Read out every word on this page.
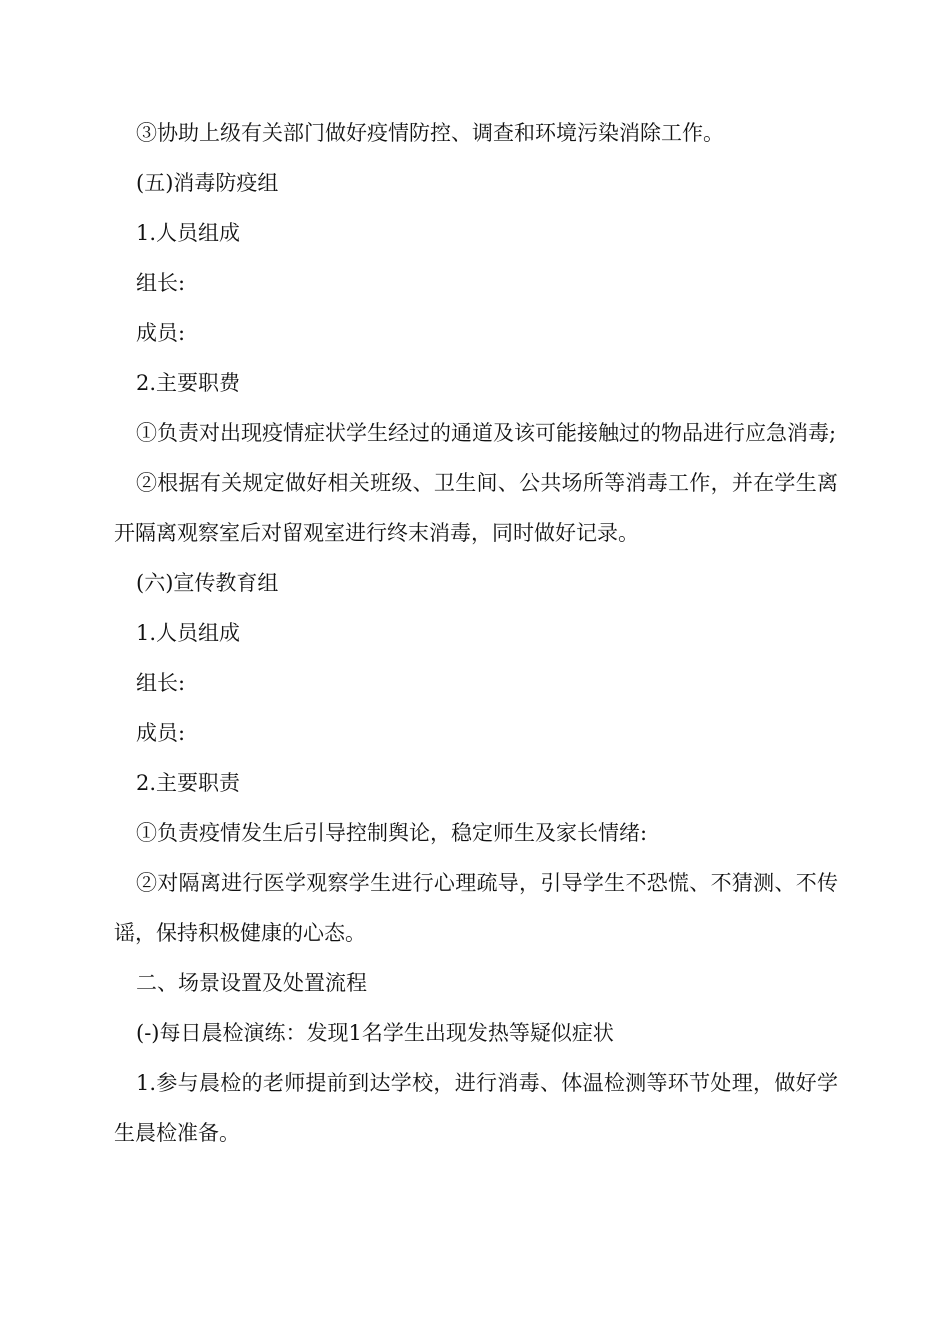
③协助上级有关部门做好疫情防控、调查和环境污染消除工作。

(五)消毒防疫组

1.人员组成

组长:

成员:

2.主要职费

①负责对出现疫情症状学生经过的通道及该可能接触过的物品进行应急消毒;

②根据有关规定做好相关班级、卫生间、公共场所等消毒工作，并在学生离开隔离观察室后对留观室进行终末消毒，同时做好记录。

(六)宣传教育组

1.人员组成

组长:

成员:

2.主要职责

①负责疫情发生后引导控制舆论，稳定师生及家长情绪:

②对隔离进行医学观察学生进行心理疏导，引导学生不恐慌、不猜测、不传谣，保持积极健康的心态。

二、场景设置及处置流程

(-)每日晨检演练：发现1名学生出现发热等疑似症状

1.参与晨检的老师提前到达学校，进行消毒、体温检测等环节处理，做好学生晨检准备。
